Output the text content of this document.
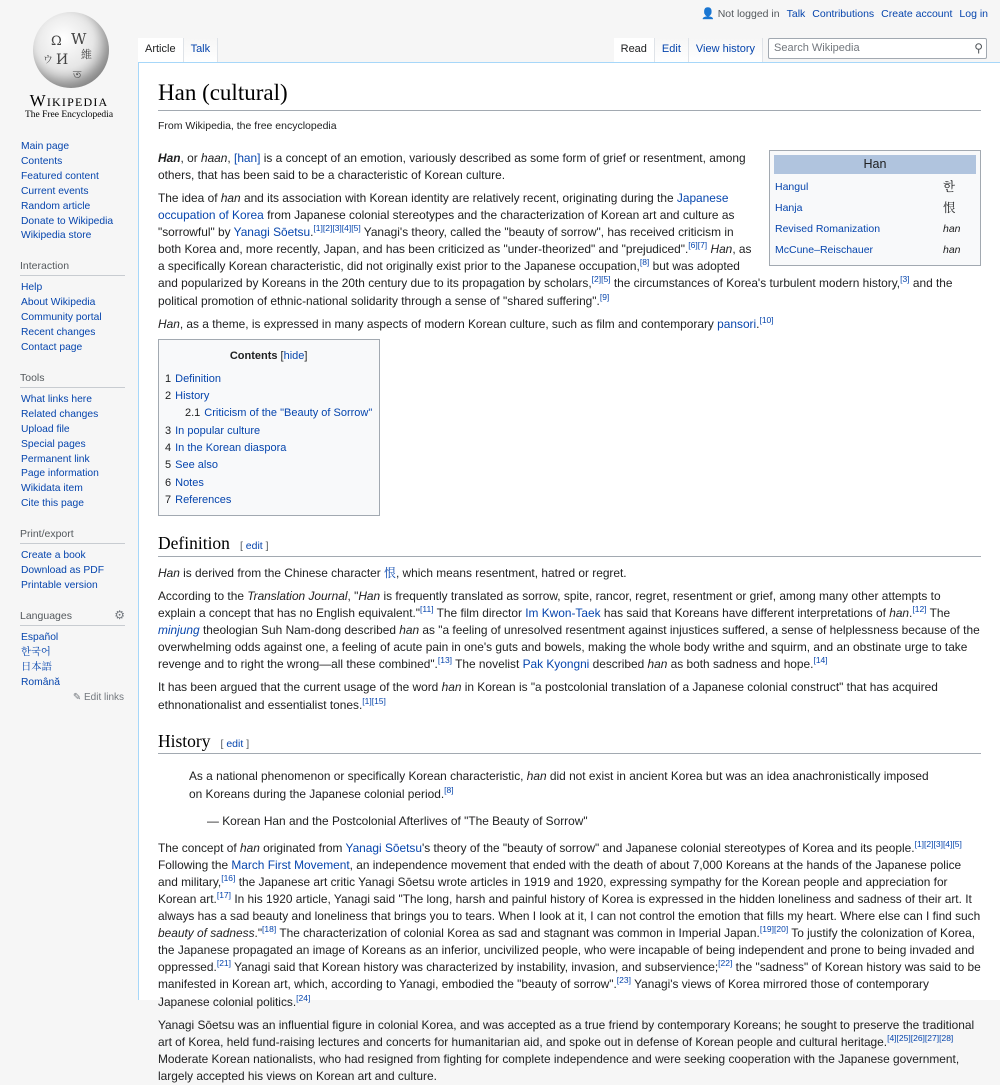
Ω W
И 維
ウ
ত
Wikipedia
The Free Encyclopedia
👤 Not logged in Talk Contributions Create account Log in
Article	Talk	Read	Edit	View history
Search Wikipedia	⚲
Main page
Contents
Featured content
Current events
Random article
Donate to Wikipedia
Wikipedia store
Interaction
Help
About Wikipedia
Community portal
Recent changes
Contact page
Tools
What links here
Related changes
Upload file
Special pages
Permanent link
Page information
Wikidata item
Cite this page
Print/export
Create a book
Download as PDF
Printable version
Languages	⚙
Español
한국어
日本語
Română
✎ Edit links
Han (cultural)
From Wikipedia, the free encyclopedia
Han
Hangul	한
Hanja	恨
Revised Romanization	han
McCune–Reischauer	han

Han, or haan, [han] is a concept of an emotion, variously described as some form of grief or resentment, among others, that has been said to be a characteristic of Korean culture.

The idea of han and its association with Korean identity are relatively recent, originating during the Japanese occupation of Korea from Japanese colonial stereotypes and the characterization of Korean art and culture as "sorrowful" by Yanagi Sōetsu.[1][2][3][4][5] Yanagi's theory, called the "beauty of sorrow", has received criticism in both Korea and, more recently, Japan, and has been criticized as "under-theorized" and "prejudiced".[6][7] Han, as a specifically Korean characteristic, did not originally exist prior to the Japanese occupation,[8] but was adopted and popularized by Koreans in the 20th century due to its propagation by scholars,[2][5] the circumstances of Korea's turbulent modern history,[3] and the political promotion of ethnic-national solidarity through a sense of "shared suffering".[9]

Han, as a theme, is expressed in many aspects of modern Korean culture, such as film and contemporary pansori.[10]

Contents [hide]
1 Definition
2 History
2.1 Criticism of the "Beauty of Sorrow"
3 In popular culture
4 In the Korean diaspora
5 See also
6 Notes
7 References
Definition [ edit ]

Han is derived from the Chinese character 恨, which means resentment, hatred or regret.

According to the Translation Journal, "Han is frequently translated as sorrow, spite, rancor, regret, resentment or grief, among many other attempts to explain a concept that has no English equivalent."[11] The film director Im Kwon-Taek has said that Koreans have different interpretations of han.[12] The minjung theologian Suh Nam-dong described han as "a feeling of unresolved resentment against injustices suffered, a sense of helplessness because of the overwhelming odds against one, a feeling of acute pain in one's guts and bowels, making the whole body writhe and squirm, and an obstinate urge to take revenge and to right the wrong—all these combined".[13] The novelist Pak Kyongni described han as both sadness and hope.[14]

It has been argued that the current usage of the word han in Korean is "a postcolonial translation of a Japanese colonial construct" that has acquired ethnonationalist and essentialist tones.[1][15]

History [ edit ]
As a national phenomenon or specifically Korean characteristic, han did not exist in ancient Korea but was an idea anachronistically imposed on Koreans during the Japanese colonial period.[8]
— Korean Han and the Postcolonial Afterlives of "The Beauty of Sorrow"

The concept of han originated from Yanagi Sōetsu's theory of the "beauty of sorrow" and Japanese colonial stereotypes of Korea and its people.[1][2][3][4][5] Following the March First Movement, an independence movement that ended with the death of about 7,000 Koreans at the hands of the Japanese police and military,[16] the Japanese art critic Yanagi Sōetsu wrote articles in 1919 and 1920, expressing sympathy for the Korean people and appreciation for Korean art.[17] In his 1920 article, Yanagi said "The long, harsh and painful history of Korea is expressed in the hidden loneliness and sadness of their art. It always has a sad beauty and loneliness that brings you to tears. When I look at it, I can not control the emotion that fills my heart. Where else can I find such beauty of sadness."[18] The characterization of colonial Korea as sad and stagnant was common in Imperial Japan.[19][20] To justify the colonization of Korea, the Japanese propagated an image of Koreans as an inferior, uncivilized people, who were incapable of being independent and prone to being invaded and oppressed.[21] Yanagi said that Korean history was characterized by instability, invasion, and subservience;[22] the "sadness" of Korean history was said to be manifested in Korean art, which, according to Yanagi, embodied the "beauty of sorrow".[23] Yanagi's views of Korea mirrored those of contemporary Japanese colonial politics.[24]

Yanagi Sōetsu was an influential figure in colonial Korea, and was accepted as a true friend by contemporary Koreans; he sought to preserve the traditional art of Korea, held fund-raising lectures and concerts for humanitarian aid, and spoke out in defense of Korean people and cultural heritage.[4][25][26][27][28] Moderate Korean nationalists, who had resigned from fighting for complete independence and were seeking cooperation with the Japanese government, largely accepted his views on Korean art and culture.
